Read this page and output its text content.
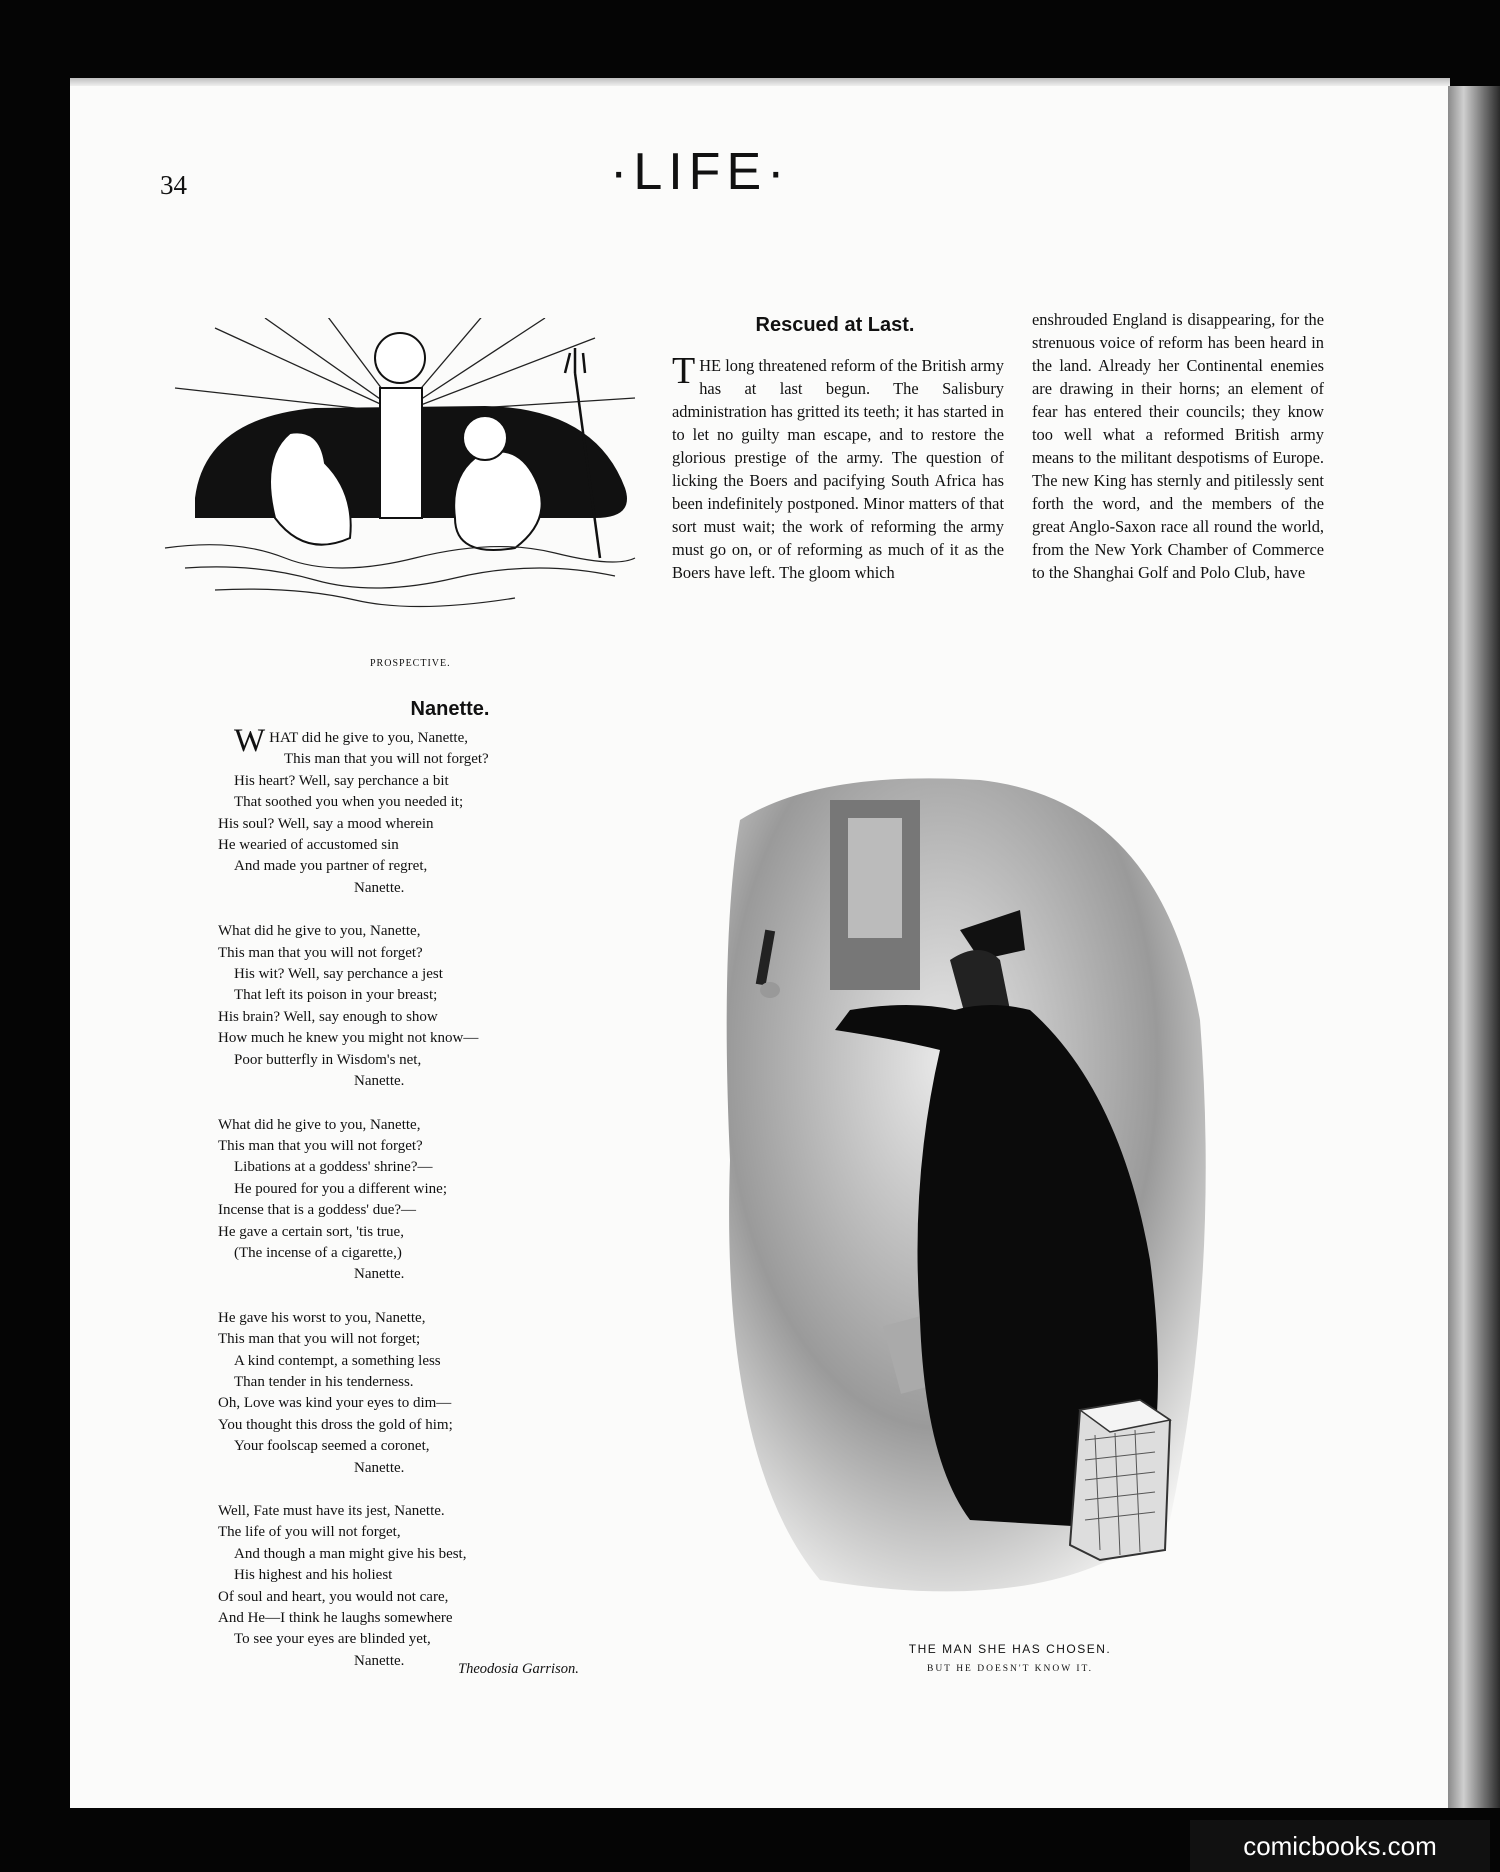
34	·LIFE·
PROSPECTIVE.
Nanette.
WHAT did he give to you, Nanette,
This man that you will not forget?
His heart? Well, say perchance a bit
That soothed you when you needed it;
His soul? Well, say a mood wherein
He wearied of accustomed sin
And made you partner of regret,
Nanette.
What did he give to you, Nanette,
This man that you will not forget?
His wit? Well, say perchance a jest
That left its poison in your breast;
His brain? Well, say enough to show
How much he knew you might not know—
Poor butterfly in Wisdom's net,
Nanette.
What did he give to you, Nanette,
This man that you will not forget?
Libations at a goddess' shrine?—
He poured for you a different wine;
Incense that is a goddess' due?—
He gave a certain sort, 'tis true,
(The incense of a cigarette,)
Nanette.
He gave his worst to you, Nanette,
This man that you will not forget;
A kind contempt, a something less
Than tender in his tenderness.
Oh, Love was kind your eyes to dim—
You thought this dross the gold of him;
Your foolscap seemed a coronet,
Nanette.
Well, Fate must have its jest, Nanette.
The life of you will not forget,
And though a man might give his best,
His highest and his holiest
Of soul and heart, you would not care,
And He—I think he laughs somewhere
To see your eyes are blinded yet,
Nanette.
Theodosia Garrison.
Rescued at Last.

THE long threatened reform of the British army has at last begun. The Salisbury administration has gritted its teeth; it has started in to let no guilty man escape, and to restore the glorious prestige of the army. The question of licking the Boers and pacifying South Africa has been indefinitely postponed. Minor matters of that sort must wait; the work of reforming the army must go on, or of reforming as much of it as the Boers have left. The gloom which

enshrouded England is disappearing, for the strenuous voice of reform has been heard in the land. Already her Continental enemies are drawing in their horns; an element of fear has entered their councils; they know too well what a reformed British army means to the militant despotisms of Europe. The new King has sternly and pitilessly sent forth the word, and the members of the great Anglo-Saxon race all round the world, from the New York Chamber of Commerce to the Shanghai Golf and Polo Club, have

THE MAN SHE HAS CHOSEN.
BUT HE DOESN'T KNOW IT.
comicbooks.com
